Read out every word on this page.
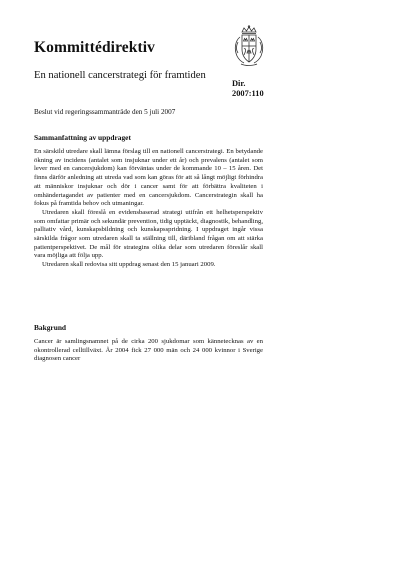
Kommittédirektiv
En nationell cancerstrategi för framtiden
Dir.
2007:110
Beslut vid regeringssammanträde den 5 juli 2007
Sammanfattning av uppdraget

En särskild utredare skall lämna förslag till en nationell cancerstrategi. En betydande ökning av incidens (antalet som insjuknar under ett år) och prevalens (antalet som lever med en cancersjukdom) kan förväntas under de kommande 10 – 15 åren. Det finns därför anledning att utreda vad som kan göras för att så långt möjligt förhindra att människor insjuknar och dör i cancer samt för att förbättra kvaliteten i omhändertagandet av patienter med en cancersjukdom. Cancerstrategin skall ha fokus på framtida behov och utmaningar.

Utredaren skall föreslå en evidensbaserad strategi utifrån ett helhetsperspektiv som omfattar primär och sekundär prevention, tidig upptäckt, diagnostik, behandling, palliativ vård, kunskapsbildning och kunskapsspridning. I uppdraget ingår vissa särskilda frågor som utredaren skall ta ställning till, däribland frågan om att stärka patientperspektivet. De mål för strategins olika delar som utredaren föreslår skall vara möjliga att följa upp.

Utredaren skall redovisa sitt uppdrag senast den 15 januari 2009.

Bakgrund

Cancer är samlingsnamnet på de cirka 200 sjukdomar som kännetecknas av en okontrollerad celltillväxt. År 2004 fick 27 000 män och 24 000 kvinnor i Sverige diagnosen cancer
